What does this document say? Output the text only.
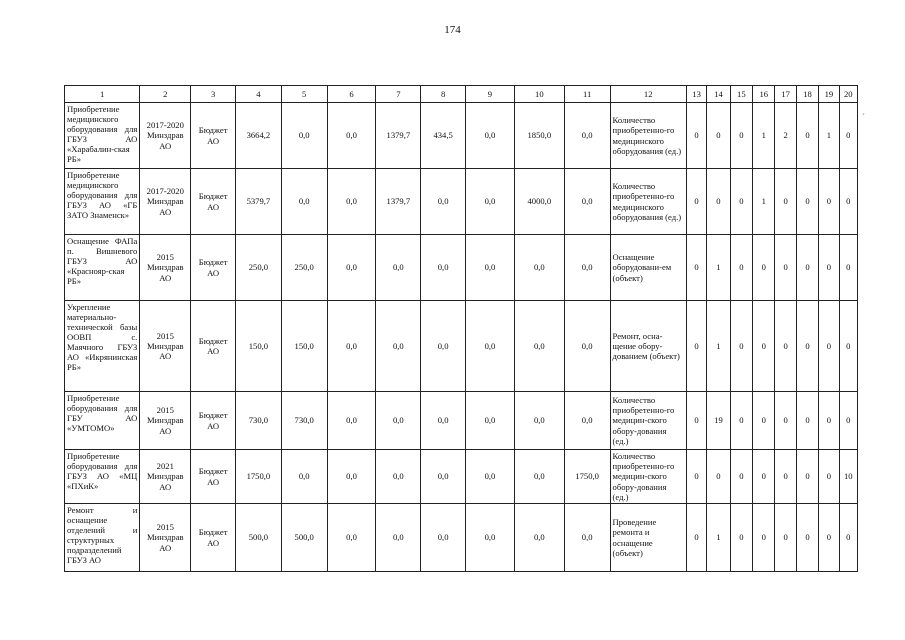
174
´
1	2	3	4	5	6	7	8	9	10	11	12	13	14	15	16	17	18	19	20
Приобретение медицинского оборудования для ГБУЗ АО «Харабалин-ская РБ»	2017-2020 Минздрав АО	Бюджет АО	3664,2	0,0	0,0	1379,7	434,5	0,0	1850,0	0,0	Количество приобретенно-го медицинского оборудования (ед.)	0	0	0	1	2	0	1	0
Приобретение медицинского оборудования для ГБУЗ АО «ГБ ЗАТО Знаменск»	2017-2020 Минздрав АО	Бюджет АО	5379,7	0,0	0,0	1379,7	0,0	0,0	4000,0	0,0	Количество приобретенно-го медицинского оборудования (ед.)	0	0	0	1	0	0	0	0
Оснащение ФАПа п. Вишневого ГБУЗ АО «Краснояр-ская РБ»	2015 Минздрав АО	Бюджет АО	250,0	250,0	0,0	0,0	0,0	0,0	0,0	0,0	Оснащение оборудовани-ем (объект)	0	1	0	0	0	0	0	0
Укрепление материально-технической базы ООВП с. Маячного ГБУЗ АО «Икрянинская РБ»	2015 Минздрав АО	Бюджет АО	150,0	150,0	0,0	0,0	0,0	0,0	0,0	0,0	Ремонт, осна-щение обору-дованием (объект)	0	1	0	0	0	0	0	0
Приобретение оборудования для ГБУ АО «УМТОМО»	2015 Минздрав АО	Бюджет АО	730,0	730,0	0,0	0,0	0,0	0,0	0,0	0,0	Количество приобретенно-го медицин-ского обору-дования (ед.)	0	19	0	0	0	0	0	0
Приобретение оборудования для ГБУЗ АО «МЦ «ПХиК»	2021 Минздрав АО	Бюджет АО	1750,0	0,0	0,0	0,0	0,0	0,0	0,0	1750,0	Количество приобретенно-го медицин-ского обору-дования (ед.)	0	0	0	0	0	0	0	10
Ремонт и оснащение отделений и структурных подразделений ГБУЗ АО	2015 Минздрав АО	Бюджет АО	500,0	500,0	0,0	0,0	0,0	0,0	0,0	0,0	Проведение ремонта и оснащение (объект)	0	1	0	0	0	0	0	0
